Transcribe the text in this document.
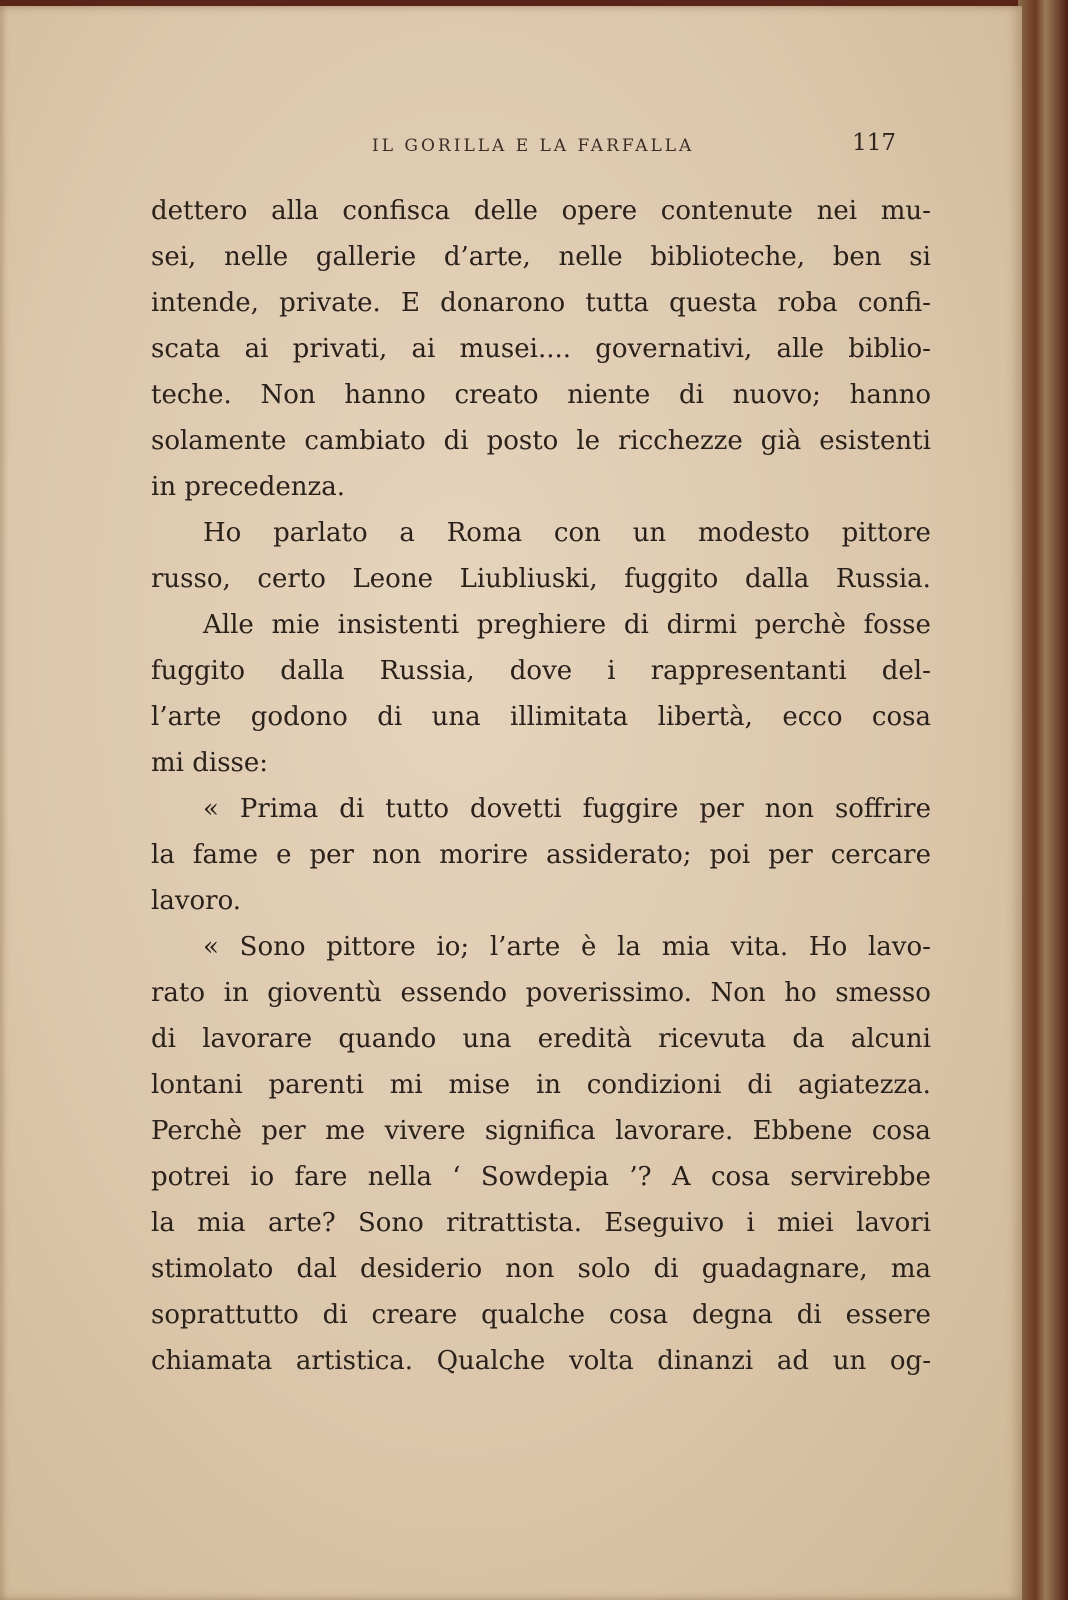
IL GORILLA E LA FARFALLA	117
dettero alla confisca delle opere contenute nei mu-
sei, nelle gallerie d’arte, nelle biblioteche, ben si
intende, private. E donarono tutta questa roba confi-
scata ai privati, ai musei.... governativi, alle biblio-
teche. Non hanno creato niente di nuovo; hanno
solamente cambiato di posto le ricchezze già esistenti
in precedenza.
Ho parlato a Roma con un modesto pittore
russo, certo Leone Liubliuski, fuggito dalla Russia.
Alle mie insistenti preghiere di dirmi perchè fosse
fuggito dalla Russia, dove i rappresentanti del-
l’arte godono di una illimitata libertà, ecco cosa
mi disse:
« Prima di tutto dovetti fuggire per non soffrire
la fame e per non morire assiderato; poi per cercare
lavoro.
« Sono pittore io; l’arte è la mia vita. Ho lavo-
rato in gioventù essendo poverissimo. Non ho smesso
di lavorare quando una eredità ricevuta da alcuni
lontani parenti mi mise in condizioni di agiatezza.
Perchè per me vivere significa lavorare. Ebbene cosa
potrei io fare nella ‘ Sowdepia ’? A cosa servirebbe
la mia arte? Sono ritrattista. Eseguivo i miei lavori
stimolato dal desiderio non solo di guadagnare, ma
soprattutto di creare qualche cosa degna di essere
chiamata artistica. Qualche volta dinanzi ad un og-
